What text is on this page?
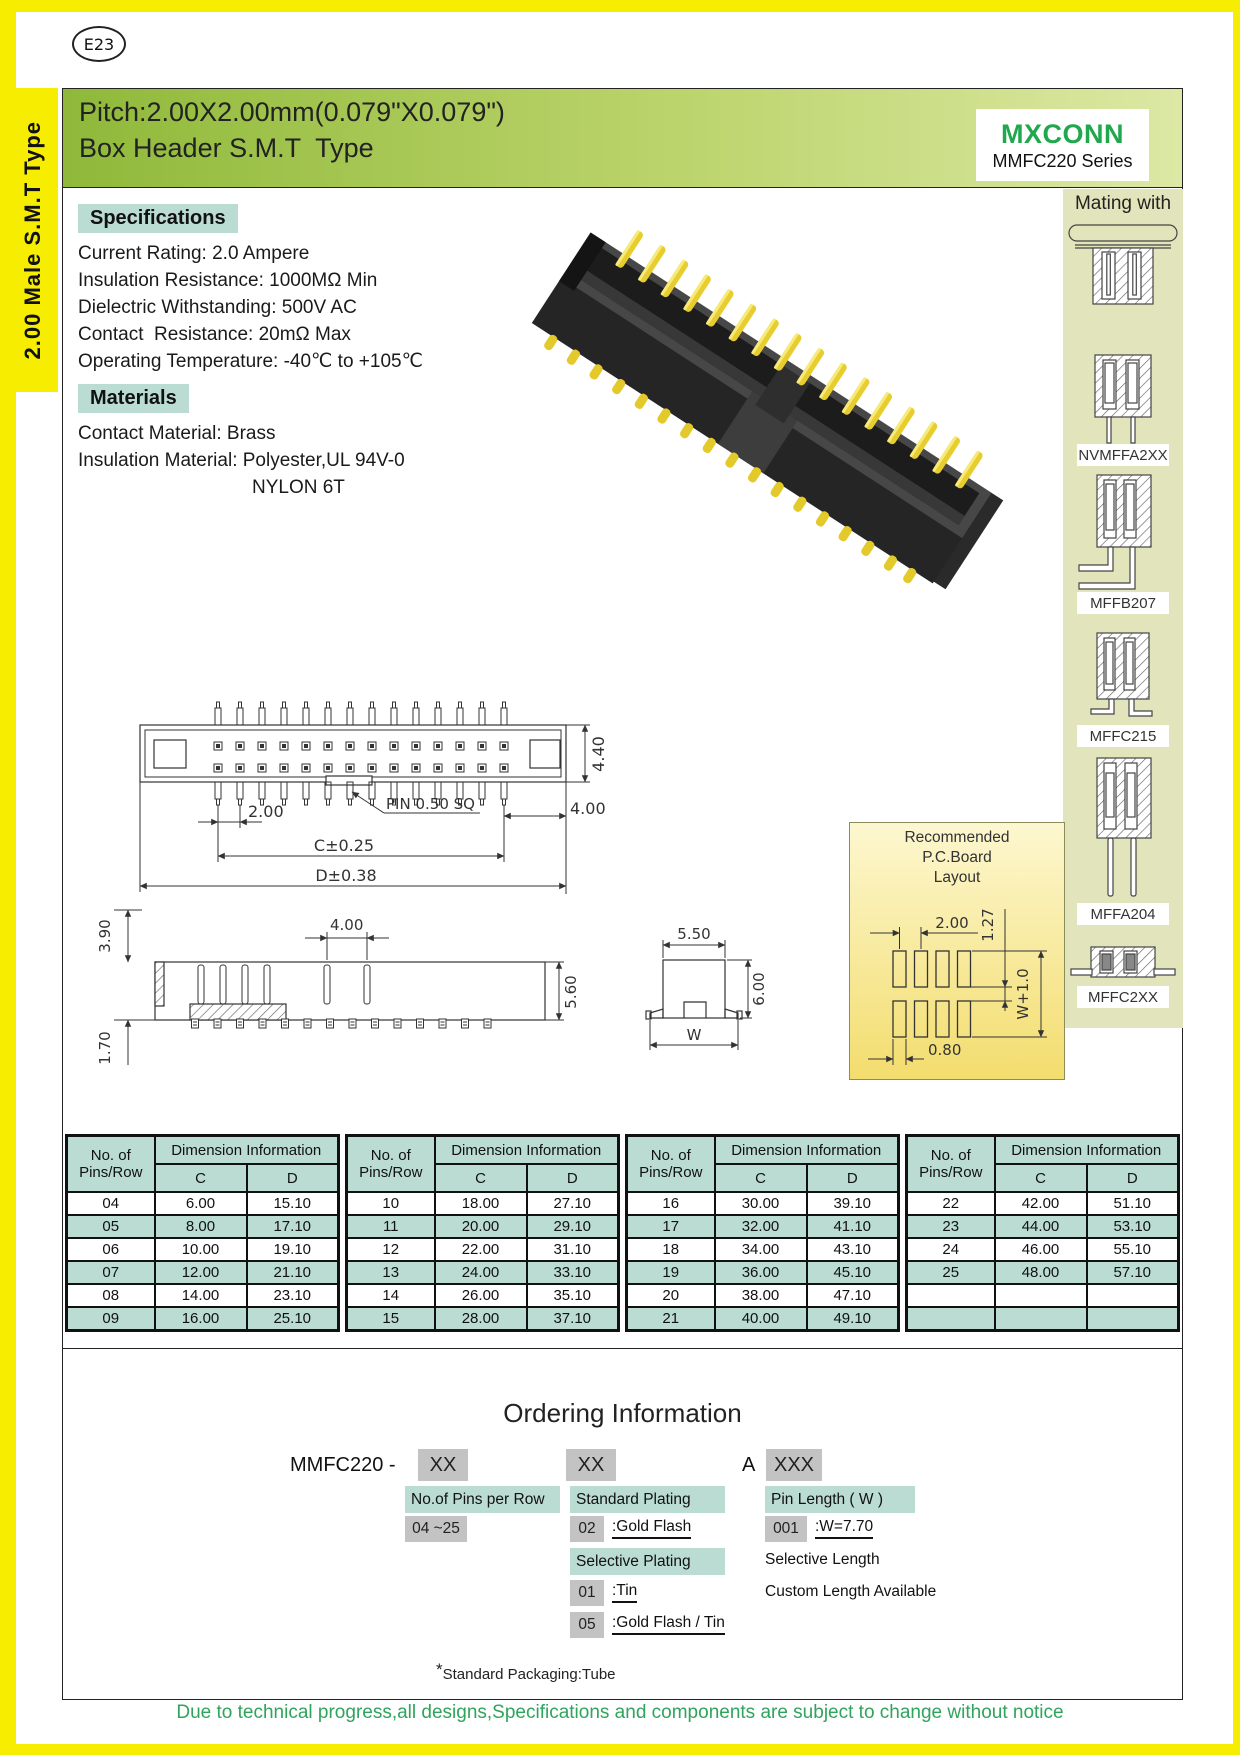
E23
2.00 Male S.M.T Type
Pitch:2.00X2.00mm(0.079"X0.079")
Box Header S.M.T  Type	MXCONN
MMFC220 Series
Specifications
Current Rating: 2.0 Ampere
Insulation Resistance: 1000MΩ Min
Dielectric Withstanding: 500V AC
Contact  Resistance: 20mΩ Max
Operating Temperature: -40℃ to +105℃
Materials
Contact Material: Brass
Insulation Material: Polyester,UL 94V-0
NYLON 6T
Mating with
NVMFFA2XX
MFFB207
MFFC215
MFFA204
MFFC2XX
4.40
4.00
2.00	PIN 0.50 SQ
C±0.25
D±0.38
3.90	4.00
1.70
5.60
5.50
6.00
W
Recommended
P.C.Board
Layout
2.00 1.27
W+1.0
0.80
No. of
Pins/Row	Dimension Information	
	C	D
04	6.00	15.10
05	8.00	17.10
06	10.00	19.10
07	12.00	21.10
08	14.00	23.10
09	16.00	25.10
No. of
Pins/Row	Dimension Information	
	C	D
10	18.00	27.10
11	20.00	29.10
12	22.00	31.10
13	24.00	33.10
14	26.00	35.10
15	28.00	37.10
No. of
Pins/Row	Dimension Information	
	C	D
16	30.00	39.10
17	32.00	41.10
18	34.00	43.10
19	36.00	45.10
20	38.00	47.10
21	40.00	49.10
No. of
Pins/Row	Dimension Information	
	C	D
22	42.00	51.10
23	44.00	53.10
24	46.00	55.10
25	48.00	57.10

Ordering Information
MMFC220 -	XX	XX	A XXX
No.of Pins per Row
04 ~25
Standard Plating
02	:Gold Flash
Selective Plating
01	:Tin
05	:Gold Flash / Tin
Pin Length ( W )
001	:W=7.70
Selective Length
Custom Length Available
*Standard Packaging:Tube
Due to technical progress,all designs,Specifications and components are subject to change without notice
